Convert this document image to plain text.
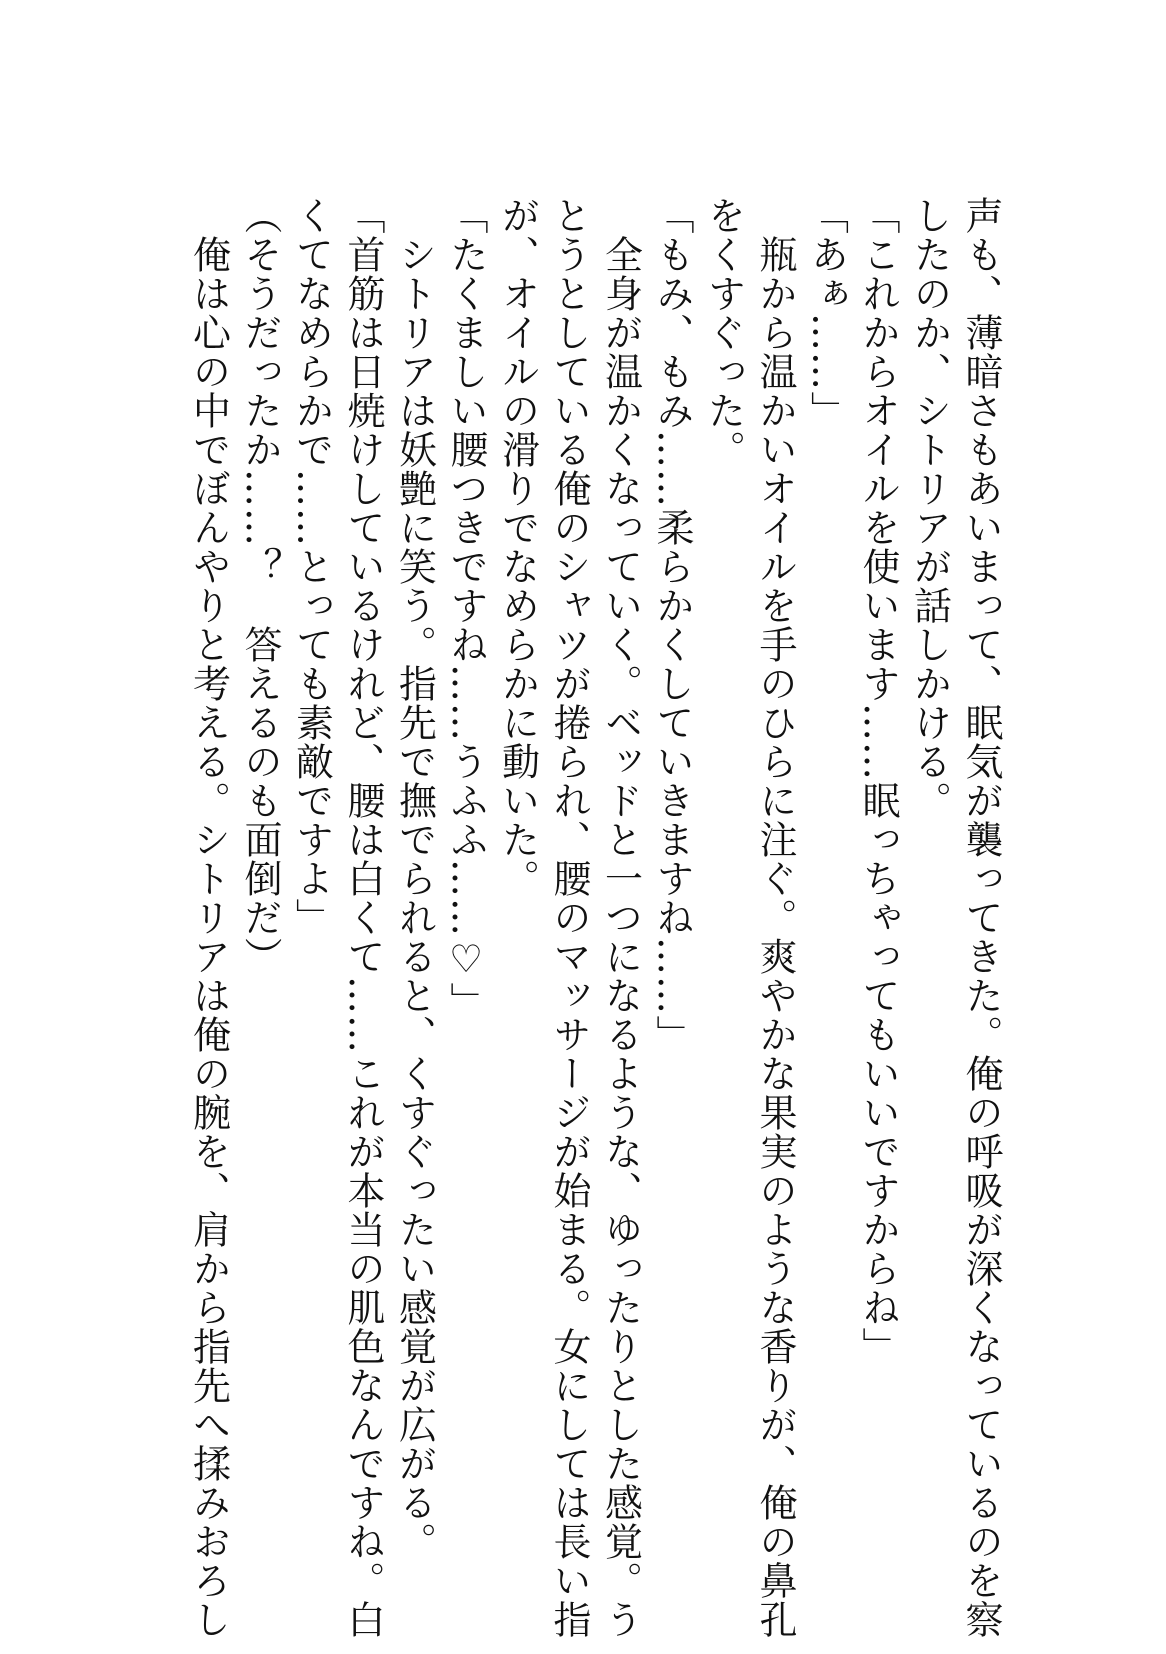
声も、薄暗さもあいまって、眠気が襲ってきた。俺の呼吸が深くなっているのを察
したのか、シトリアが話しかける。
「これからオイルを使います……眠っちゃってもいいですからね」
「あぁ……」
　瓶から温かいオイルを手のひらに注ぐ。爽やかな果実のような香りが、俺の鼻孔
をくすぐった。
「もみ、もみ……柔らかくしていきますね……」
　全身が温かくなっていく。ベッドと一つになるような、ゆったりとした感覚。う
とうとしている俺のシャツが捲られ、腰のマッサージが始まる。女にしては長い指
が、オイルの滑りでなめらかに動いた。
「たくましい腰つきですね……うふふ……♡」
　シトリアは妖艶に笑う。指先で撫でられると、くすぐったい感覚が広がる。
「首筋は日焼けしているけれど、腰は白くて……これが本当の肌色なんですね。白
くてなめらかで……とっても素敵ですよ」
（そうだったか……？　答えるのも面倒だ）
　俺は心の中でぼんやりと考える。シトリアは俺の腕を、肩から指先へ揉みおろし
